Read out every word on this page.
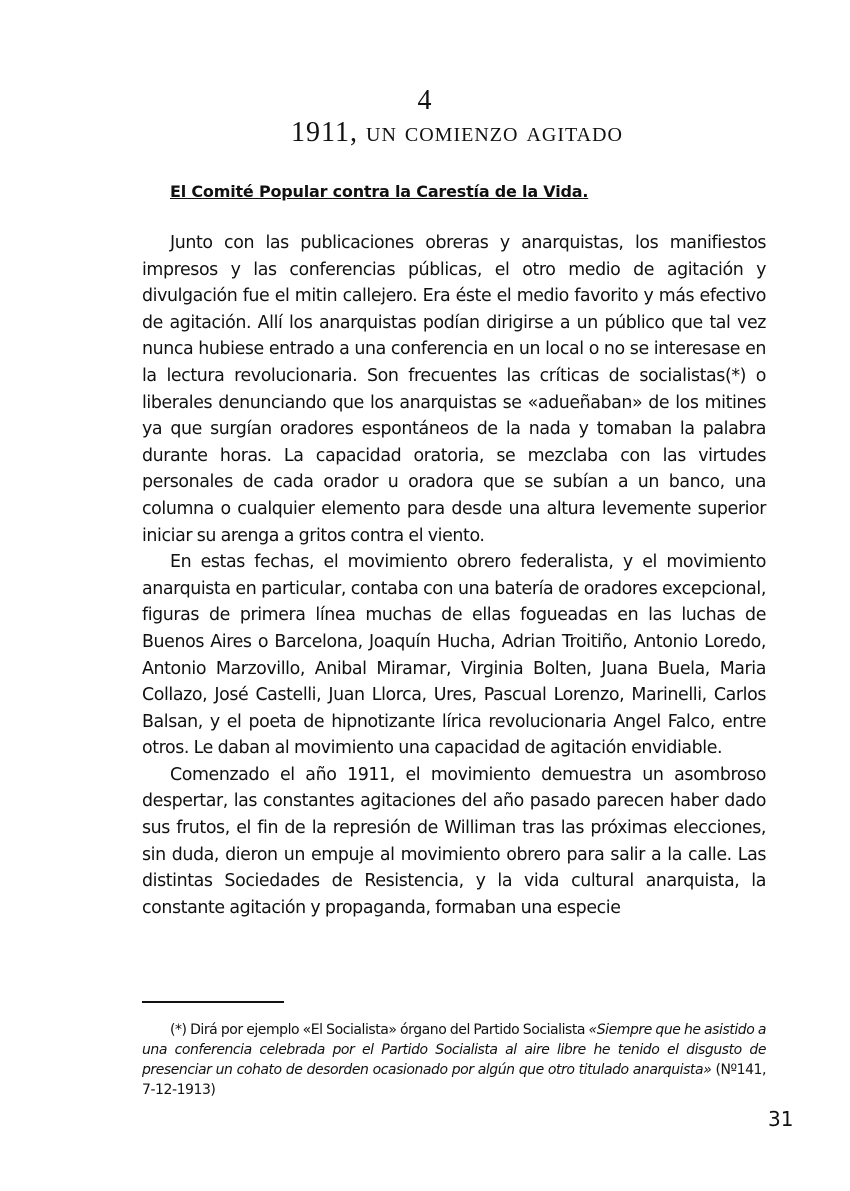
4
1911, un comienzo agitado
El Comité Popular contra la Carestía de la Vida.

Junto con las publicaciones obreras y anarquistas, los manifiestos impresos y las conferencias públicas, el otro medio de agitación y divulgación fue el mitin callejero. Era éste el medio favorito y más efectivo de agitación. Allí los anarquistas podían dirigirse a un público que tal vez nunca hubiese entrado a una conferencia en un local o no se interesase en la lectura revolucionaria. Son frecuentes las críticas de socialistas(*) o liberales denunciando que los anarquistas se «adueñaban» de los mitines ya que surgían oradores espontáneos de la nada y tomaban la palabra durante horas. La capacidad oratoria, se mezclaba con las virtudes personales de cada orador u oradora que se subían a un banco, una columna o cualquier elemento para desde una altura levemente superior iniciar su arenga a gritos contra el viento.

En estas fechas, el movimiento obrero federalista, y el movimiento anarquista en particular, contaba con una batería de oradores excepcional, figuras de primera línea muchas de ellas fogueadas en las luchas de Buenos Aires o Barcelona, Joaquín Hucha, Adrian Troitiño, Antonio Loredo, Antonio Marzovillo, Anibal Miramar, Virginia Bolten, Juana Buela, Maria Collazo, José Castelli, Juan Llorca, Ures, Pascual Lorenzo, Marinelli, Carlos Balsan, y el poeta de hipnotizante lírica revolucionaria Angel Falco, entre otros. Le daban al movimiento una capacidad de agitación envidiable.

Comenzado el año 1911, el movimiento demuestra un asombroso despertar, las constantes agitaciones del año pasado parecen haber dado sus frutos, el fin de la represión de Williman tras las próximas elecciones, sin duda, dieron un empuje al movimiento obrero para salir a la calle. Las distintas Sociedades de Resistencia, y la vida cultural anarquista, la constante agitación y propaganda, formaban una especie

(*) Dirá por ejemplo «El Socialista» órgano del Partido Socialista «Siempre que he asistido a una conferencia celebrada por el Partido Socialista al aire libre he tenido el disgusto de presenciar un cohato de desorden ocasionado por algún que otro titulado anarquista» (Nº141, 7-12-1913)

31
